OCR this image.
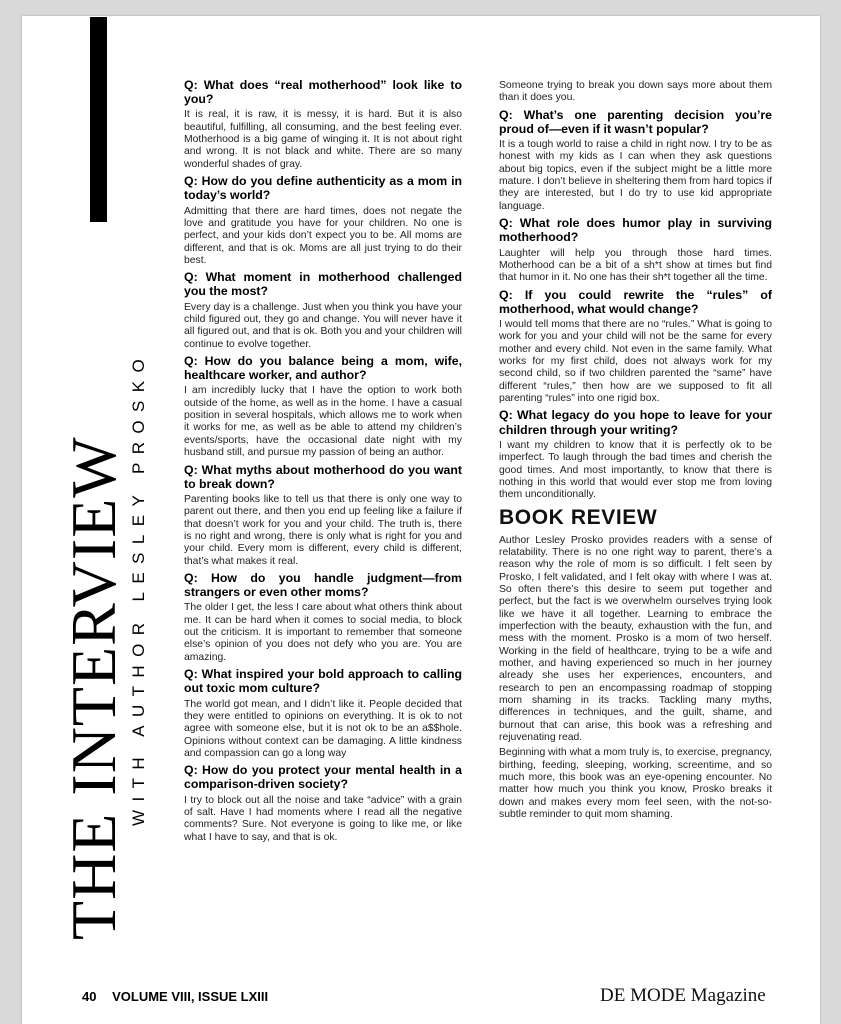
THE INTERVIEW WITH AUTHOR LESLEY PROSKO

Q: What does “real motherhood” look like to you?

It is real, it is raw, it is messy, it is hard. But it is also beautiful, fulfilling, all consuming, and the best feeling ever. Motherhood is a big game of winging it. It is not about right and wrong. It is not black and white. There are so many wonderful shades of gray.

Q: How do you define authenticity as a mom in today’s world?

Admitting that there are hard times, does not negate the love and gratitude you have for your children. No one is perfect, and your kids don’t expect you to be. All moms are different, and that is ok. Moms are all just trying to do their best.

Q: What moment in motherhood challenged you the most?

Every day is a challenge. Just when you think you have your child figured out, they go and change. You will never have it all figured out, and that is ok. Both you and your children will continue to evolve together.

Q: How do you balance being a mom, wife, healthcare worker, and author?

I am incredibly lucky that I have the option to work both outside of the home, as well as in the home. I have a casual position in several hospitals, which allows me to work when it works for me, as well as be able to attend my children’s events/sports, have the occasional date night with my husband still, and pursue my passion of being an author.

Q: What myths about motherhood do you want to break down?

Parenting books like to tell us that there is only one way to parent out there, and then you end up feeling like a failure if that doesn’t work for you and your child. The truth is, there is no right and wrong, there is only what is right for you and your child. Every mom is different, every child is different, that’s what makes it real.

Q: How do you handle judgment—from strangers or even other moms?

The older I get, the less I care about what others think about me. It can be hard when it comes to social media, to block out the criticism. It is important to remember that someone else’s opinion of you does not defy who you are. You are amazing.

Q: What inspired your bold approach to calling out toxic mom culture?

The world got mean, and I didn’t like it. People decided that they were entitled to opinions on everything. It is ok to not agree with someone else, but it is not ok to be an a$$hole. Opinions without context can be damaging. A little kindness and compassion can go a long way

Q: How do you protect your mental health in a comparison-driven society?

I try to block out all the noise and take “advice” with a grain of salt. Have I had moments where I read all the negative comments? Sure. Not everyone is going to like me, or like what I have to say, and that is ok.

Someone trying to break you down says more about them than it does you.

Q: What’s one parenting decision you’re proud of—even if it wasn’t popular?

It is a tough world to raise a child in right now. I try to be as honest with my kids as I can when they ask questions about big topics, even if the subject might be a little more mature. I don’t believe in sheltering them from hard topics if they are interested, but I do try to use kid appropriate language.

Q: What role does humor play in surviving motherhood?

Laughter will help you through those hard times. Motherhood can be a bit of a sh*t show at times but find that humor in it. No one has their sh*t together all the time.

Q: If you could rewrite the “rules” of motherhood, what would change?

I would tell moms that there are no “rules.” What is going to work for you and your child will not be the same for every mother and every child. Not even in the same family. What works for my first child, does not always work for my second child, so if two children parented the “same” have different “rules,” then how are we supposed to fit all parenting “rules” into one rigid box.

Q: What legacy do you hope to leave for your children through your writing?

I want my children to know that it is perfectly ok to be imperfect. To laugh through the bad times and cherish the good times. And most importantly, to know that there is nothing in this world that would ever stop me from loving them unconditionally.

BOOK REVIEW

Author Lesley Prosko provides readers with a sense of relatability. There is no one right way to parent, there’s a reason why the role of mom is so difficult. I felt seen by Prosko, I felt validated, and I felt okay with where I was at. So often there’s this desire to seem put together and perfect, but the fact is we overwhelm ourselves trying look like we have it all together. Learning to embrace the imperfection with the beauty, exhaustion with the fun, and mess with the moment. Prosko is a mom of two herself. Working in the field of healthcare, trying to be a wife and mother, and having experienced so much in her journey already she uses her experiences, encounters, and research to pen an encompassing roadmap of stopping mom shaming in its tracks. Tackling many myths, differences in techniques, and the guilt, shame, and burnout that can arise, this book was a refreshing and rejuvenating read.

Beginning with what a mom truly is, to exercise, pregnancy, birthing, feeding, sleeping, working, screentime, and so much more, this book was an eye-opening encounter. No matter how much you think you know, Prosko breaks it down and makes every mom feel seen, with the not-so-subtle reminder to quit mom shaming.

40 VOLUME VIII, ISSUE LXIII	DE MODE Magazine
